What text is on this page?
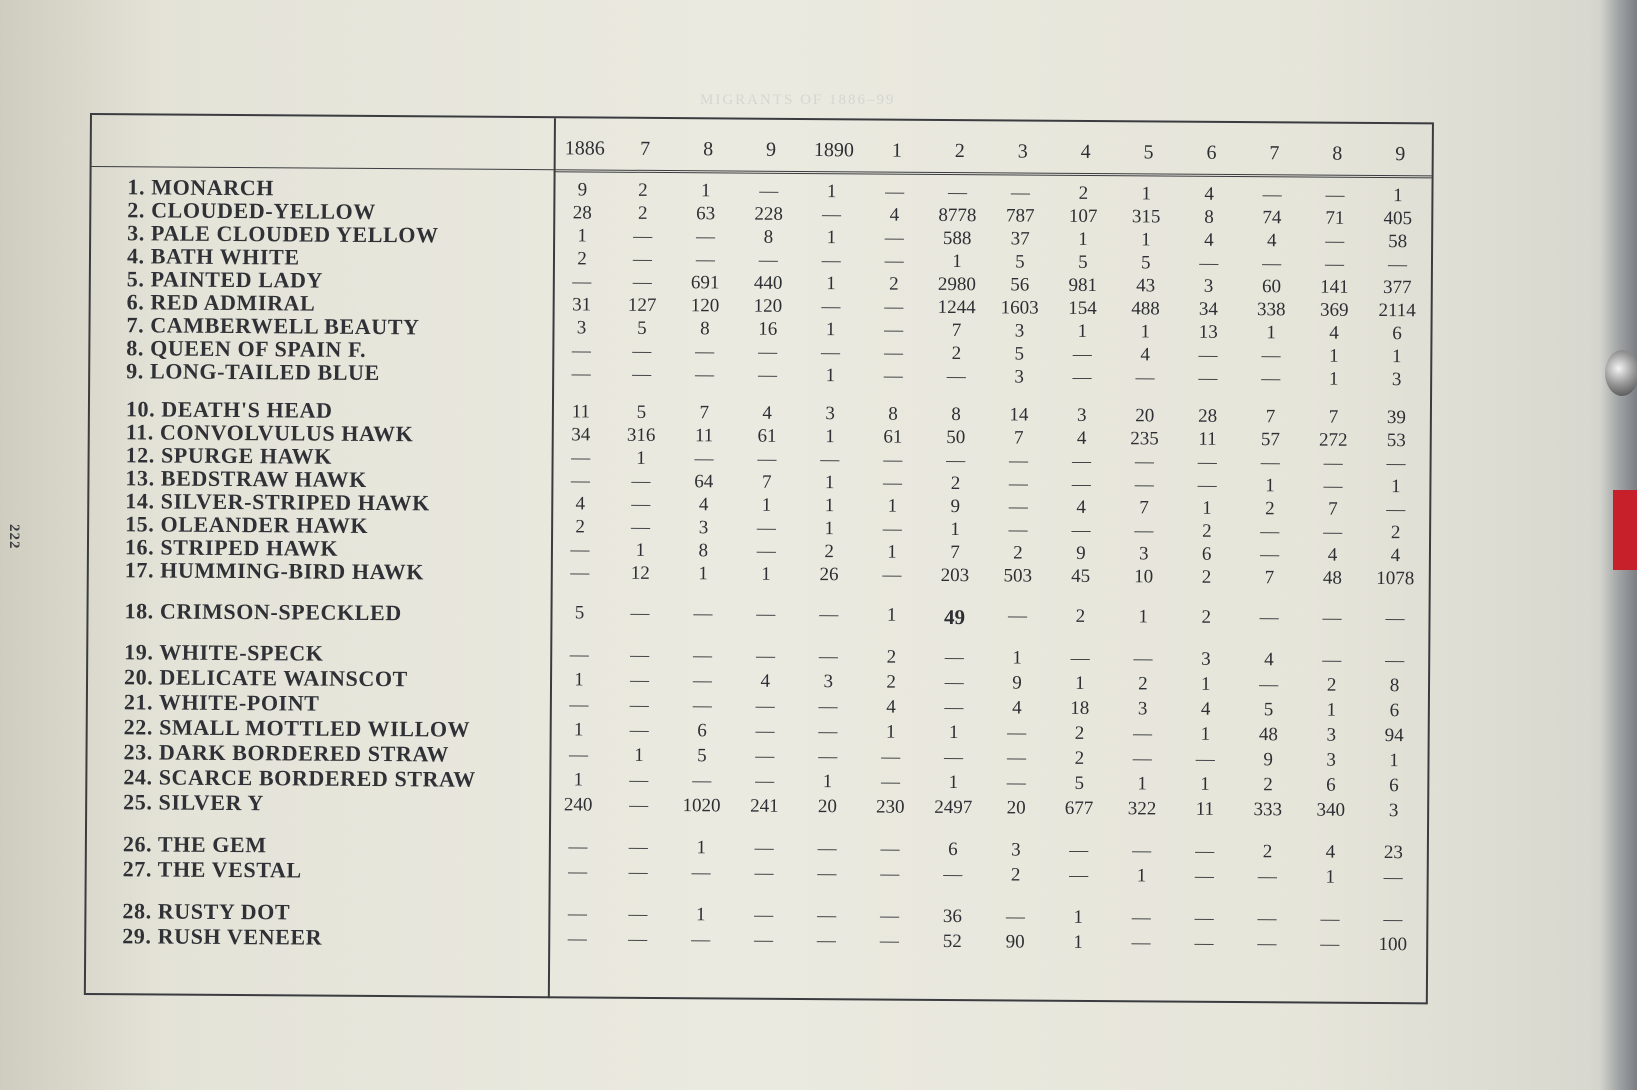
222
MIGRANTS OF 1886–99
1886	7	8	9	1890	1	2	3	4	5	6	7	8	9
1. MONARCH	9	2	1	—	1	—	—	—	2	1	4	—	—	1
2. CLOUDED-YELLOW	28	2	63	228	—	4	8778	787	107	315	8	74	71	405
3. PALE CLOUDED YELLOW	1	—	—	8	1	—	588	37	1	1	4	4	—	58
4. BATH WHITE	2	—	—	—	—	—	1	5	5	5	—	—	—	—
5. PAINTED LADY	—	—	691	440	1	2	2980	56	981	43	3	60	141	377
6. RED ADMIRAL	31	127	120	120	—	—	1244	1603	154	488	34	338	369	2114
7. CAMBERWELL BEAUTY	3	5	8	16	1	—	7	3	1	1	13	1	4	6
8. QUEEN OF SPAIN F.	—	—	—	—	—	—	2	5	—	4	—	—	1	1
9. LONG-TAILED BLUE	—	—	—	—	1	—	—	3	—	—	—	—	1	3
10. DEATH'S HEAD	11	5	7	4	3	8	8	14	3	20	28	7	7	39
11. CONVOLVULUS HAWK	34	316	11	61	1	61	50	7	4	235	11	57	272	53
12. SPURGE HAWK	—	1	—	—	—	—	—	—	—	—	—	—	—	—
13. BEDSTRAW HAWK	—	—	64	7	1	—	2	—	—	—	—	1	—	1
14. SILVER-STRIPED HAWK	4	—	4	1	1	1	9	—	4	7	1	2	7	—
15. OLEANDER HAWK	2	—	3	—	1	—	1	—	—	—	2	—	—	2
16. STRIPED HAWK	—	1	8	—	2	1	7	2	9	3	6	—	4	4
17. HUMMING-BIRD HAWK	—	12	1	1	26	—	203	503	45	10	2	7	48	1078
18. CRIMSON-SPECKLED	5	—	—	—	—	1	49	—	2	1	2	—	—	—
19. WHITE-SPECK	—	—	—	—	—	2	—	1	—	—	3	4	—	—
20. DELICATE WAINSCOT	1	—	—	4	3	2	—	9	1	2	1	—	2	8
21. WHITE-POINT	—	—	—	—	—	4	—	4	18	3	4	5	1	6
22. SMALL MOTTLED WILLOW	1	—	6	—	—	1	1	—	2	—	1	48	3	94
23. DARK BORDERED STRAW	—	1	5	—	—	—	—	—	2	—	—	9	3	1
24. SCARCE BORDERED STRAW	1	—	—	—	1	—	1	—	5	1	1	2	6	6
25. SILVER Y	240	—	1020	241	20	230	2497	20	677	322	11	333	340	3
26. THE GEM	—	—	1	—	—	—	6	3	—	—	—	2	4	23
27. THE VESTAL	—	—	—	—	—	—	—	2	—	1	—	—	1	—
28. RUSTY DOT	—	—	1	—	—	—	36	—	1	—	—	—	—	—
29. RUSH VENEER	—	—	—	—	—	—	52	90	1	—	—	—	—	100
